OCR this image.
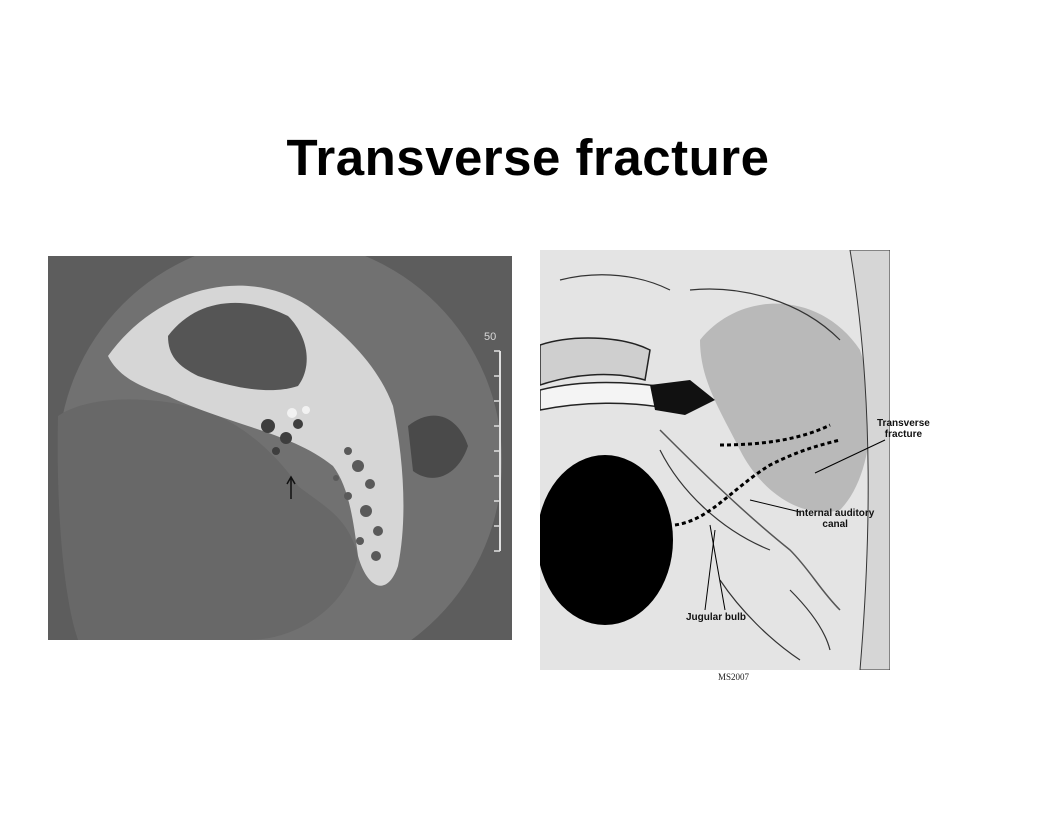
Transverse fracture
50
Transverse
fracture
Internal auditory
canal
Jugular bulb
MS2007
